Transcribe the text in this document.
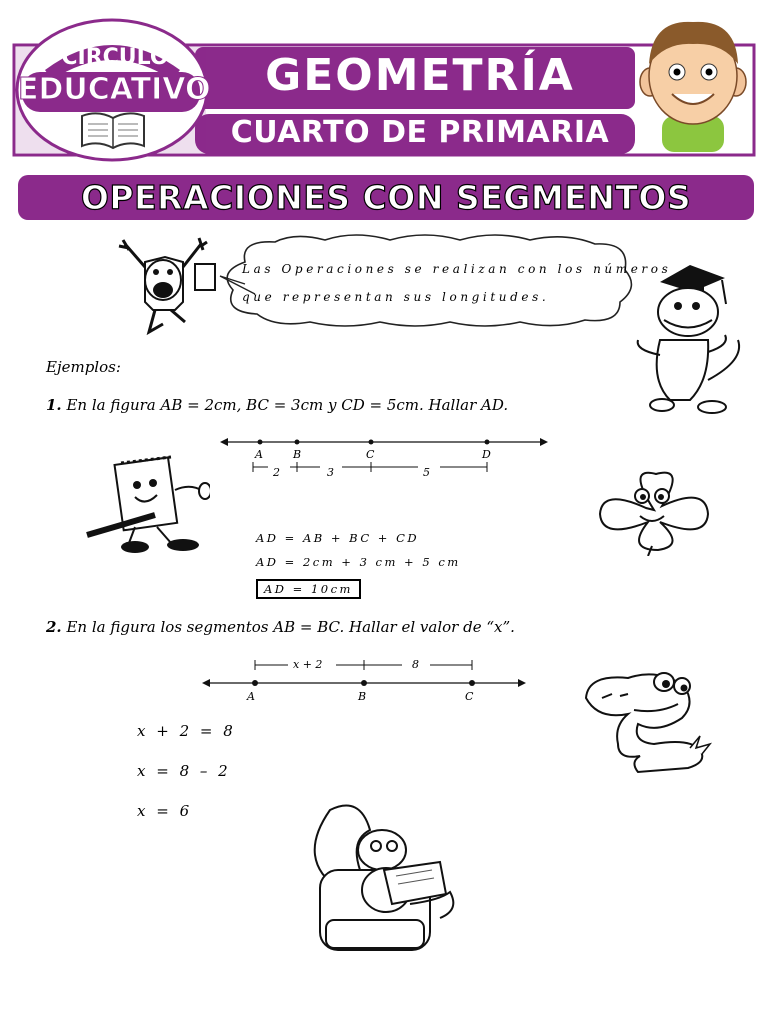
CIRCULO
EDUCATIVO	GEOMETRÍA
CUARTO DE PRIMARIA
OPERACIONES CON SEGMENTOS
Las Operaciones se realizan con los números
que representan sus longitudes.
Ejemplos:
1. En la figura AB = 2cm, BC = 3cm y CD = 5cm. Hallar AD.
A	B	C	D
2	3	5
AD = AB + BC + CD
AD = 2cm + 3 cm + 5 cm
AD = 10cm
2. En la figura los segmentos AB = BC. Hallar el valor de “x”.
x + 2	8
A	B	C
x + 2 = 8
x = 8 – 2
x = 6
